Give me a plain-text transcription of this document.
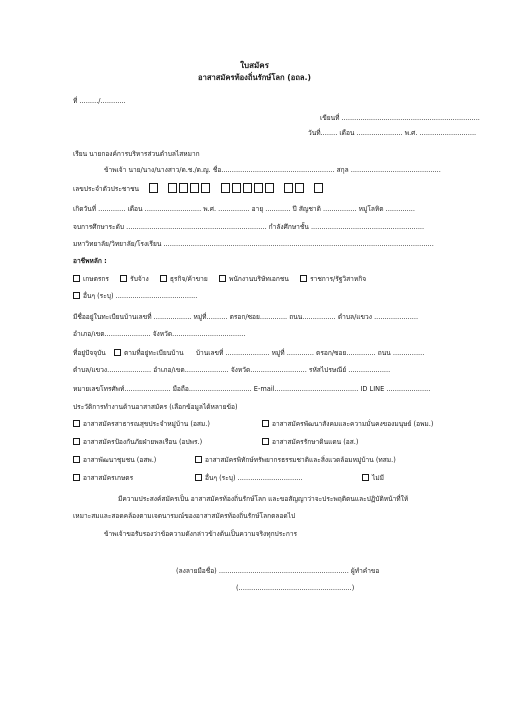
ใบสมัคร
อาสาสมัครท้องถิ่นรักษ์โลก (อถล.)
ที่ ........./............
เขียนที่ ..................................................................
วันที่........ เดือน ...................... พ.ศ. ...........................
เรียน นายกองค์การบริหารส่วนตำบลไสหมาก
ข้าพเจ้า นาย/นาง/นางสาว/ด.ช./ด.ญ. ชื่อ...................................................... สกุล ...........................................
เลขประจำตัวประชาชน
เกิดวันที่ ............. เดือน ........................... พ.ศ. ............... อายุ ............ ปี สัญชาติ ................ หมู่โลหิต ..............
จบการศึกษาระดับ ................................................................... กำลังศึกษาชั้น ......................................................
มหาวิทยาลัย/วิทยาลัย/โรงเรียน .................................................................................................................................
อาชีพหลัก :
เกษตรกร	รับจ้าง	ธุรกิจ/ค้าขาย	พนักงานบริษัทเอกชน	ราชการ/รัฐวิสาหกิจ
อื่นๆ (ระบุ) .......................................
มีชื่ออยู่ในทะเบียนบ้านเลขที่ .................. หมู่ที่.......... ตรอก/ซอย............. ถนน................ ตำบล/แขวง .....................
อำเภอ/เขต...................... จังหวัด...................................
ที่อยู่ปัจจุบัน	ตามที่อยู่ทะเบียนบ้าน บ้านเลขที่ ..................... หมู่ที่ ............. ตรอก/ซอย.............. ถนน ...............
ตำบล/แขวง..................... อำเภอ/เขต..................... จังหวัด........................... รหัสไปรษณีย์ ....................
หมายเลขโทรศัพท์...................... มือถือ.............................. E-mail........................................ ID LINE .....................
ประวัติการทำงานด้านอาสาสมัคร (เลือกข้อมูลได้หลายข้อ)
อาสาสมัครสาธารณสุขประจำหมู่บ้าน (อสม.)	อาสาสมัครพัฒนาสังคมและความมั่นคงของมนุษย์ (อพม.)
อาสาสมัครป้องกันภัยฝ่ายพลเรือน (อปพร.)	อาสาสมัครรักษาดินแดน (อส.)
อาสาพัฒนาชุมชน (อสพ.)	อาสาสมัครพิทักษ์ทรัพยากรธรรมชาติและสิ่งแวดล้อมหมู่บ้าน (ทสม.)
อาสาสมัครเกษตร	อื่นๆ (ระบุ) ...............................	ไม่มี
มีความประสงค์สมัครเป็น อาสาสมัครท้องถิ่นรักษ์โลก และขอสัญญาว่าจะประพฤติตนและปฏิบัติหน้าที่ให้
เหมาะสมและสอดคล้องตามเจตนารมณ์ของอาสาสมัครท้องถิ่นรักษ์โลกตลอดไป
ข้าพเจ้าขอรับรองว่าข้อความดังกล่าวข้างต้นเป็นความจริงทุกประการ
(ลงลายมือชื่อ) .............................................................. ผู้ทำคำขอ
(......................................................)
